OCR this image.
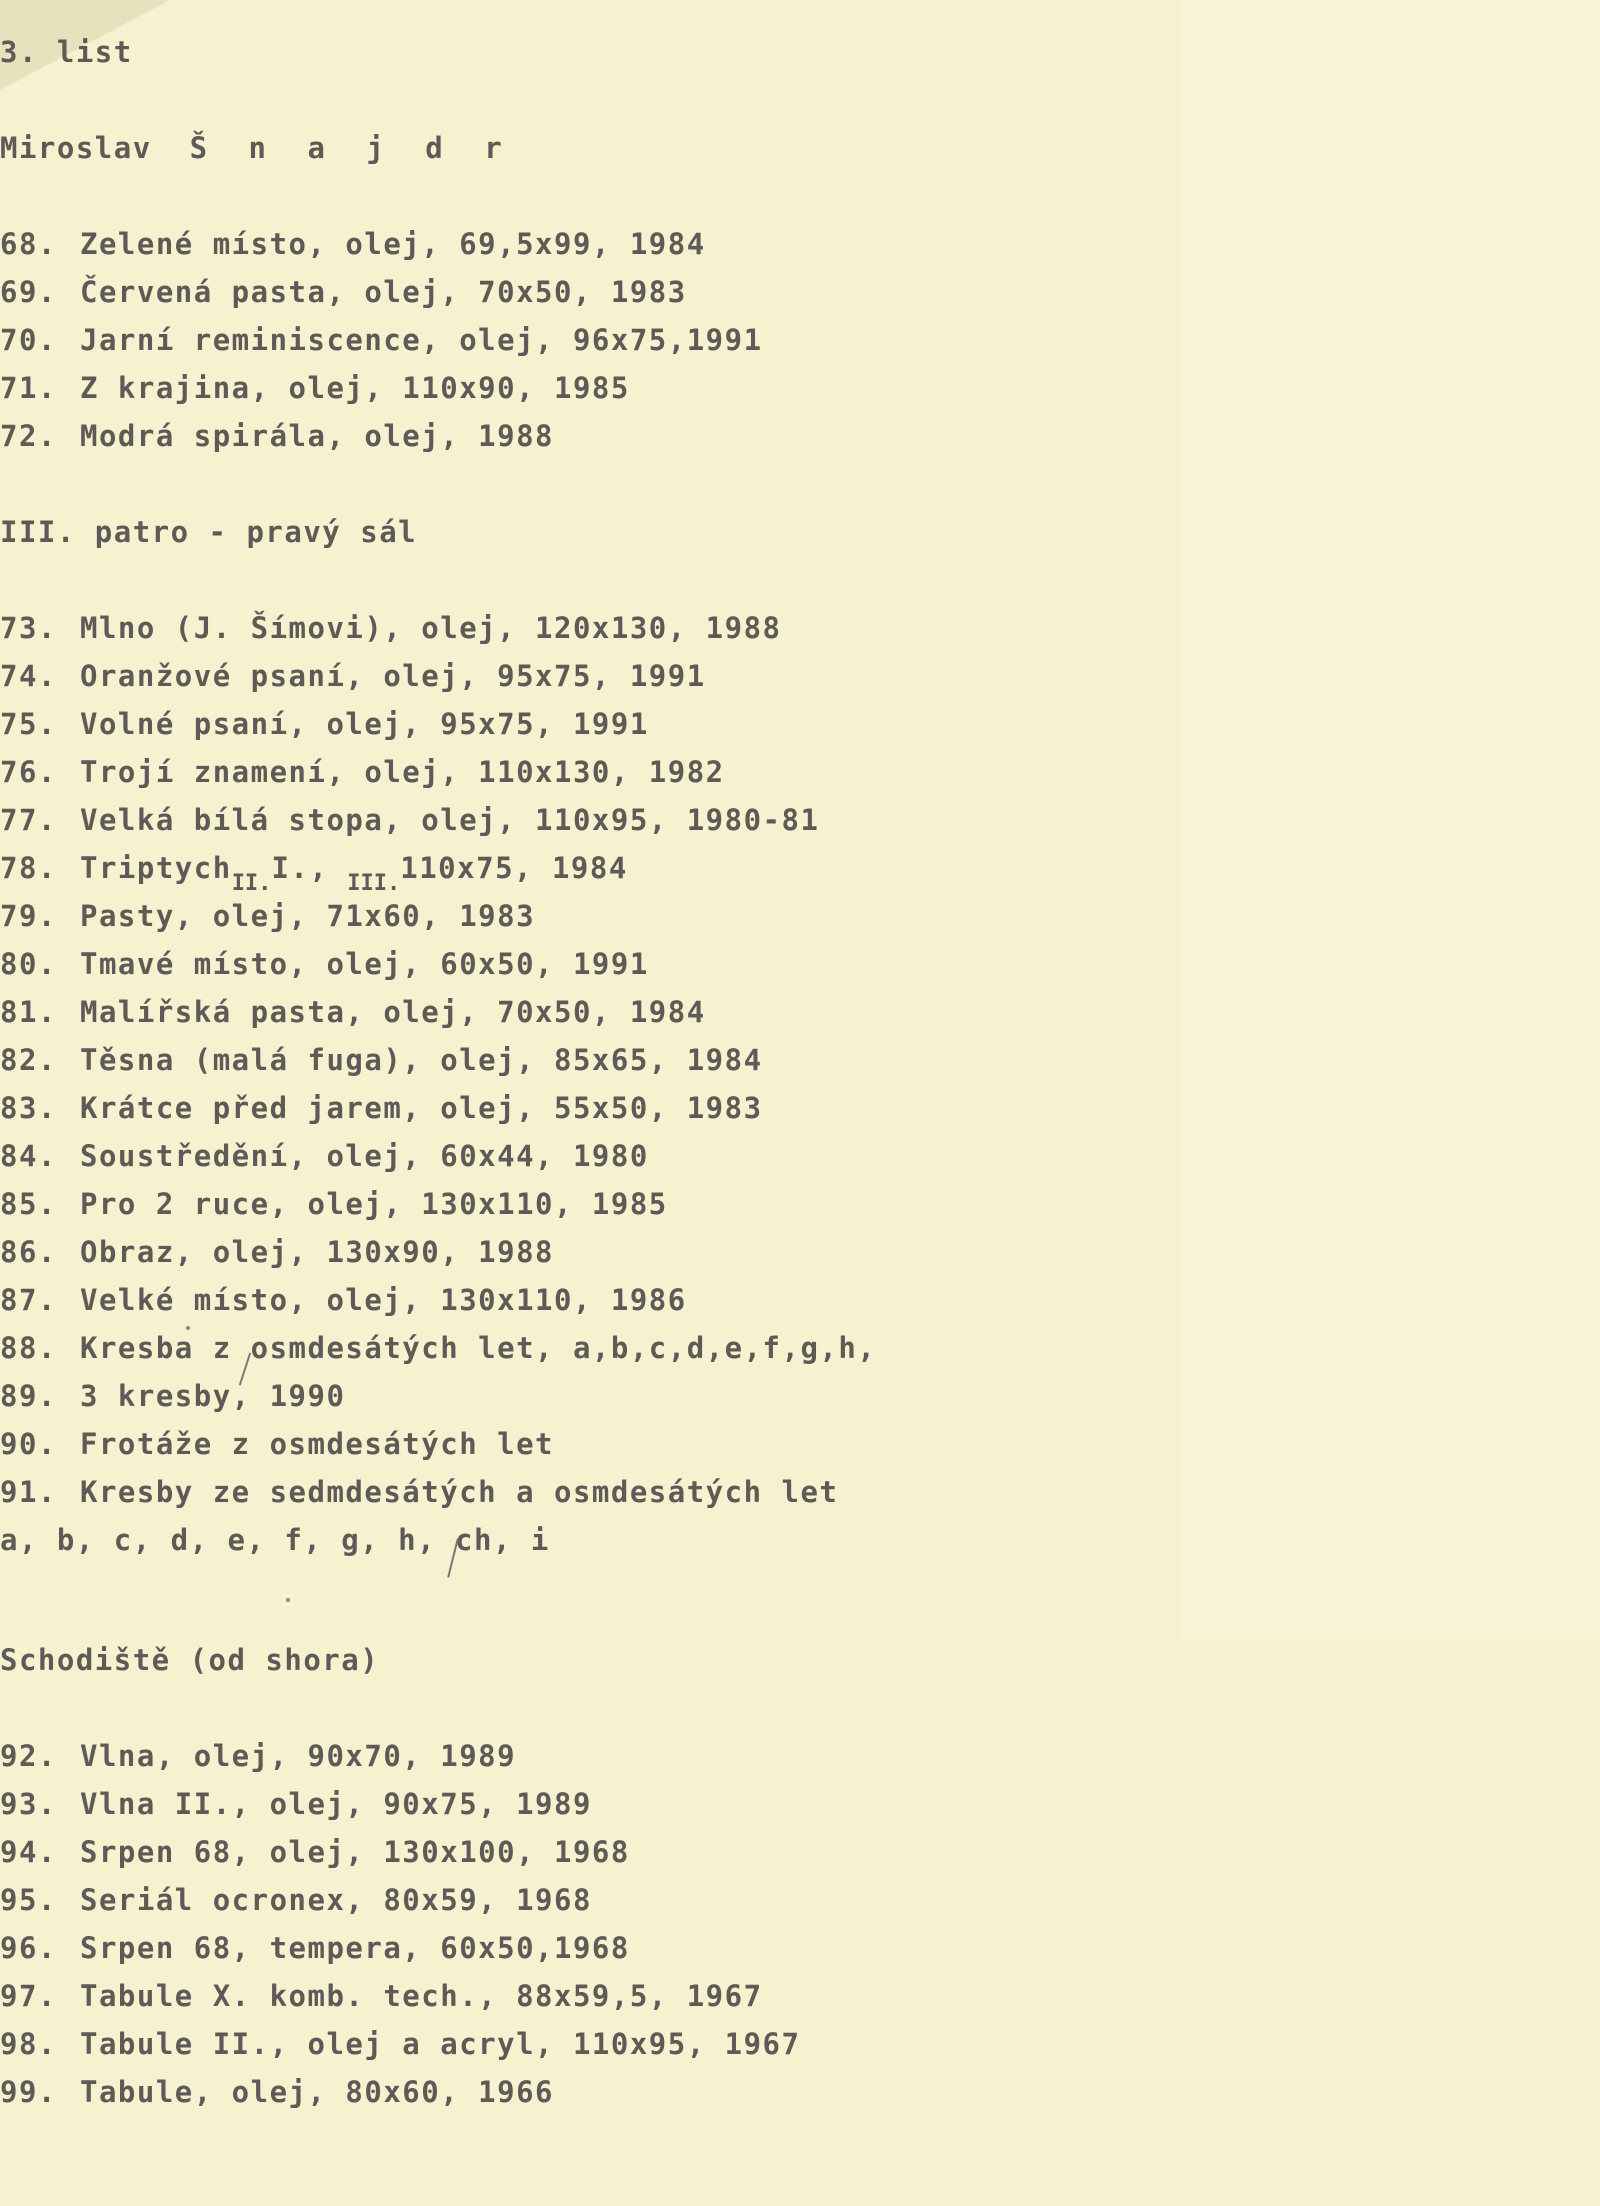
3. list

Miroslav Š n a j d r

68. Zelené místo, olej, 69,5x99, 1984

69. Červená pasta, olej, 70x50, 1983

70. Jarní reminiscence, olej, 96x75,1991

71. Z krajina, olej, 110x90, 1985

72. Modrá spirála, olej, 1988

III. patro - pravý sál

73. Mlno (J. Šímovi), olej, 120x130, 1988

74. Oranžové psaní, olej, 95x75, 1991

75. Volné psaní, olej, 95x75, 1991

76. Trojí znamení, olej, 110x130, 1982

77. Velká bílá stopa, olej, 110x95, 1980-81

78. Triptych$_{II.}$I., $_{III.}$110x75, 1984

79. Pasty, olej, 71x60, 1983

80. Tmavé místo, olej, 60x50, 1991

81. Malířská pasta, olej, 70x50, 1984

82. Těsna (malá fuga), olej, 85x65, 1984

83. Krátce před jarem, olej, 55x50, 1983

84. Soustředění, olej, 60x44, 1980

85. Pro 2 ruce, olej, 130x110, 1985

86. Obraz, olej, 130x90, 1988

87. Velké místo, olej, 130x110, 1986

88. Kresba z osmdesátých let, a,b,c,d,e,f,g,h,

89. 3 kresby, 1990

90. Frotáže z osmdesátých let

91. Kresby ze sedmdesátých a osmdesátých let

a, b, c, d, e, f, g, h, ch, i

Schodiště (od shora)

92. Vlna, olej, 90x70, 1989

93. Vlna II., olej, 90x75, 1989

94. Srpen 68, olej, 130x100, 1968

95. Seriál ocronex, 80x59, 1968

96. Srpen 68, tempera, 60x50,1968

97. Tabule X. komb. tech., 88x59,5, 1967

98. Tabule II., olej a acryl, 110x95, 1967

99. Tabule, olej, 80x60, 1966
